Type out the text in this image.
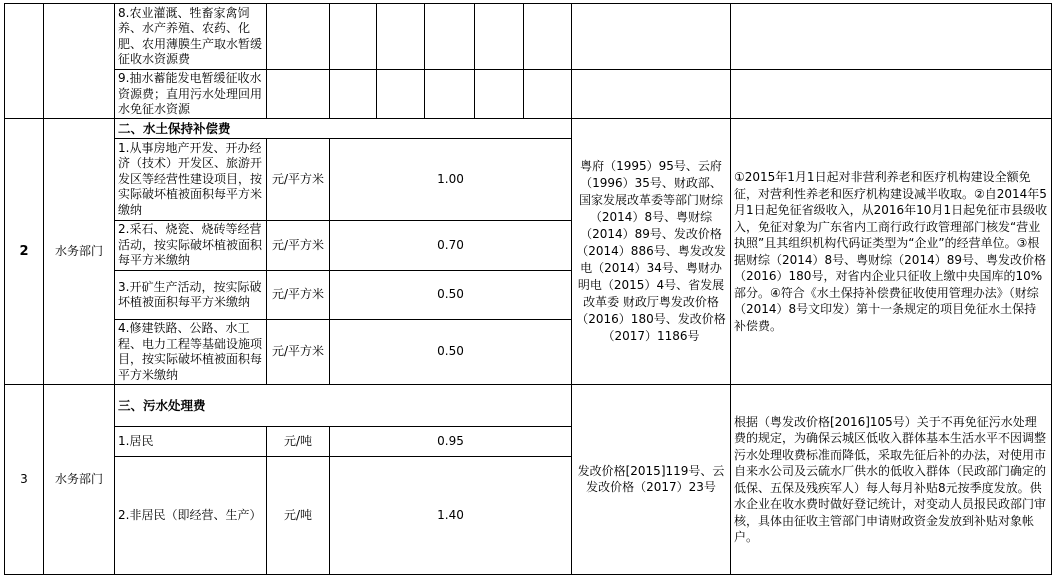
		8.农业灌溉、牲畜家禽饲养、水产养殖、农药、化肥、农用薄膜生产取水暂缓征收水资源费								

		9.抽水蓄能发电暂缓征收水资源费；直用污水处理回用水免征水资源								

2	水务部门	二、水土保持补偿费							粤府（1995）95号、云府（1996）35号、财政部、国家发展改革委等部门财综（2014）8号、粤财综（2014）89号、发改价格（2014）886号、粤发改发电（2014）34号、粤财办明电（2015）4号、省发展改革委 财政厅粤发改价格（2016）180号、发改价格（2017）1186号	①2015年1月1日起对非营利养老和医疗机构建设全额免征，对营利性养老和医疗机构建设减半收取。②自2014年5月1日起免征省级收入，从2016年10月1日起免征市县级收入，免征对象为广东省内工商行政行政管理部门核发“营业执照”且其组织机构代码证类型为“企业”的经营单位。③根据财综（2014）8号、粤财综（2014）89号、粤发改价格（2016）180号，对省内企业只征收上缴中央国库的10%部分。④符合《水土保持补偿费征收使用管理办法》（财综（2014）8号文印发）第十一条规定的项目免征水土保持补偿费。

		1.从事房地产开发、开办经济（技术）开发区、旅游开发区等经营性建设项目，按实际破坏植被面积每平方米缴纳	元/平方米	1.00						

		2.采石、烧瓷、烧砖等经营活动，按实际破坏植被面积每平方米缴纳	元/平方米	0.70						

		3.开矿生产活动，按实际破坏植被面积每平方米缴纳	元/平方米	0.50						

		4.修建铁路、公路、水工程、电力工程等基础设施项目，按实际破坏植被面积每平方米缴纳	元/平方米	0.50						
3	水务部门	三、污水处理费							发改价格[2015]119号、云发改价格（2017）23号	根据（粤发改价格[2016]105号）关于不再免征污水处理费的规定，为确保云城区低收入群体基本生活水平不因调整污水处理收费标准而降低，采取先征后补的办法，对使用市自来水公司及云硫水厂供水的低收入群体（民政部门确定的低保、五保及残疾军人）每人每月补贴8元按季度发放。供水企业在收水费时做好登记统计，对变动人员报民政部门审核，具体由征收主管部门申请财政资金发放到补贴对象帐户。

		1.居民	元/吨	0.95						
		2.非居民（即经营、生产）	元/吨	1.40						
